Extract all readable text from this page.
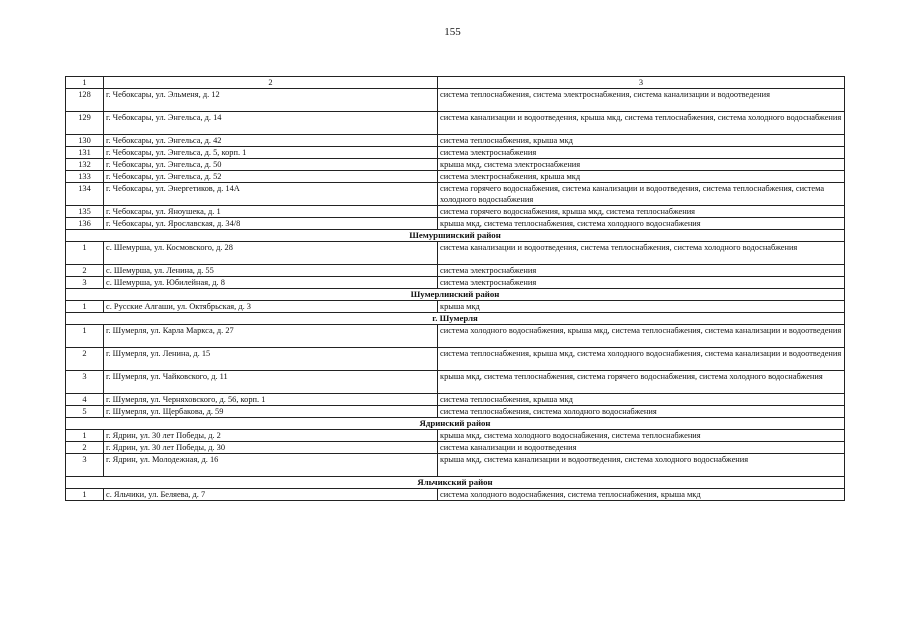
155
1	2	3
128	г. Чебоксары, ул. Эльменя, д. 12	система теплоснабжения, система электроснабжения, система канализации и водоотведения
129	г. Чебоксары, ул. Энгельса, д. 14	система канализации и водоотведения, крыша мкд, система теплоснабжения, система холодного водоснабжения
130	г. Чебоксары, ул. Энгельса, д. 42	система теплоснабжения, крыша мкд
131	г. Чебоксары, ул. Энгельса, д. 5, корп. 1	система электроснабжения
132	г. Чебоксары, ул. Энгельса, д. 50	крыша мкд, система электроснабжения
133	г. Чебоксары, ул. Энгельса, д. 52	система электроснабжения, крыша мкд
134	г. Чебоксары, ул. Энергетиков, д. 14А	система горячего водоснабжения, система канализации и водоотведения, система теплоснабжения, система холодного водоснабжения
135	г. Чебоксары, ул. Яноушека, д. 1	система горячего водоснабжения, крыша мкд, система теплоснабжения
136	г. Чебоксары, ул. Ярославская, д. 34/8	крыша мкд, система теплоснабжения, система холодного водоснабжения
Шемуршинский район		
1	с. Шемурша, ул. Космовского, д. 28	система канализации и водоотведения, система теплоснабжения, система холодного водоснабжения
2	с. Шемурша, ул. Ленина, д. 55	система электроснабжения
3	с. Шемурша, ул. Юбилейная, д. 8	система электроснабжения
Шумерлинский район		
1	с. Русские Алгаши, ул. Октябрьская, д. 3	крыша мкд
г. Шумерля		
1	г. Шумерля, ул. Карла Маркса, д. 27	система холодного водоснабжения, крыша мкд, система теплоснабжения, система канализации и водоотведения
2	г. Шумерля, ул. Ленина, д. 15	система теплоснабжения, крыша мкд, система холодного водоснабжения, система канализации и водоотведения
3	г. Шумерля, ул. Чайковского, д. 11	крыша мкд, система теплоснабжения, система горячего водоснабжения, система холодного водоснабжения
4	г. Шумерля, ул. Черняховского, д. 56, корп. 1	система теплоснабжения, крыша мкд
5	г. Шумерля, ул. Щербакова, д. 59	система теплоснабжения, система холодного водоснабжения
Ядринский район		
1	г. Ядрин, ул. 30 лет Победы, д. 2	крыша мкд, система холодного водоснабжения, система теплоснабжения
2	г. Ядрин, ул. 30 лет Победы, д. 30	система канализации и водоотведения
3	г. Ядрин, ул. Молодежная, д. 16	крыша мкд, система канализации и водоотведения, система холодного водоснабжения
Яльчикский район		
1	с. Яльчики, ул. Беляева, д. 7	система холодного водоснабжения, система теплоснабжения, крыша мкд
